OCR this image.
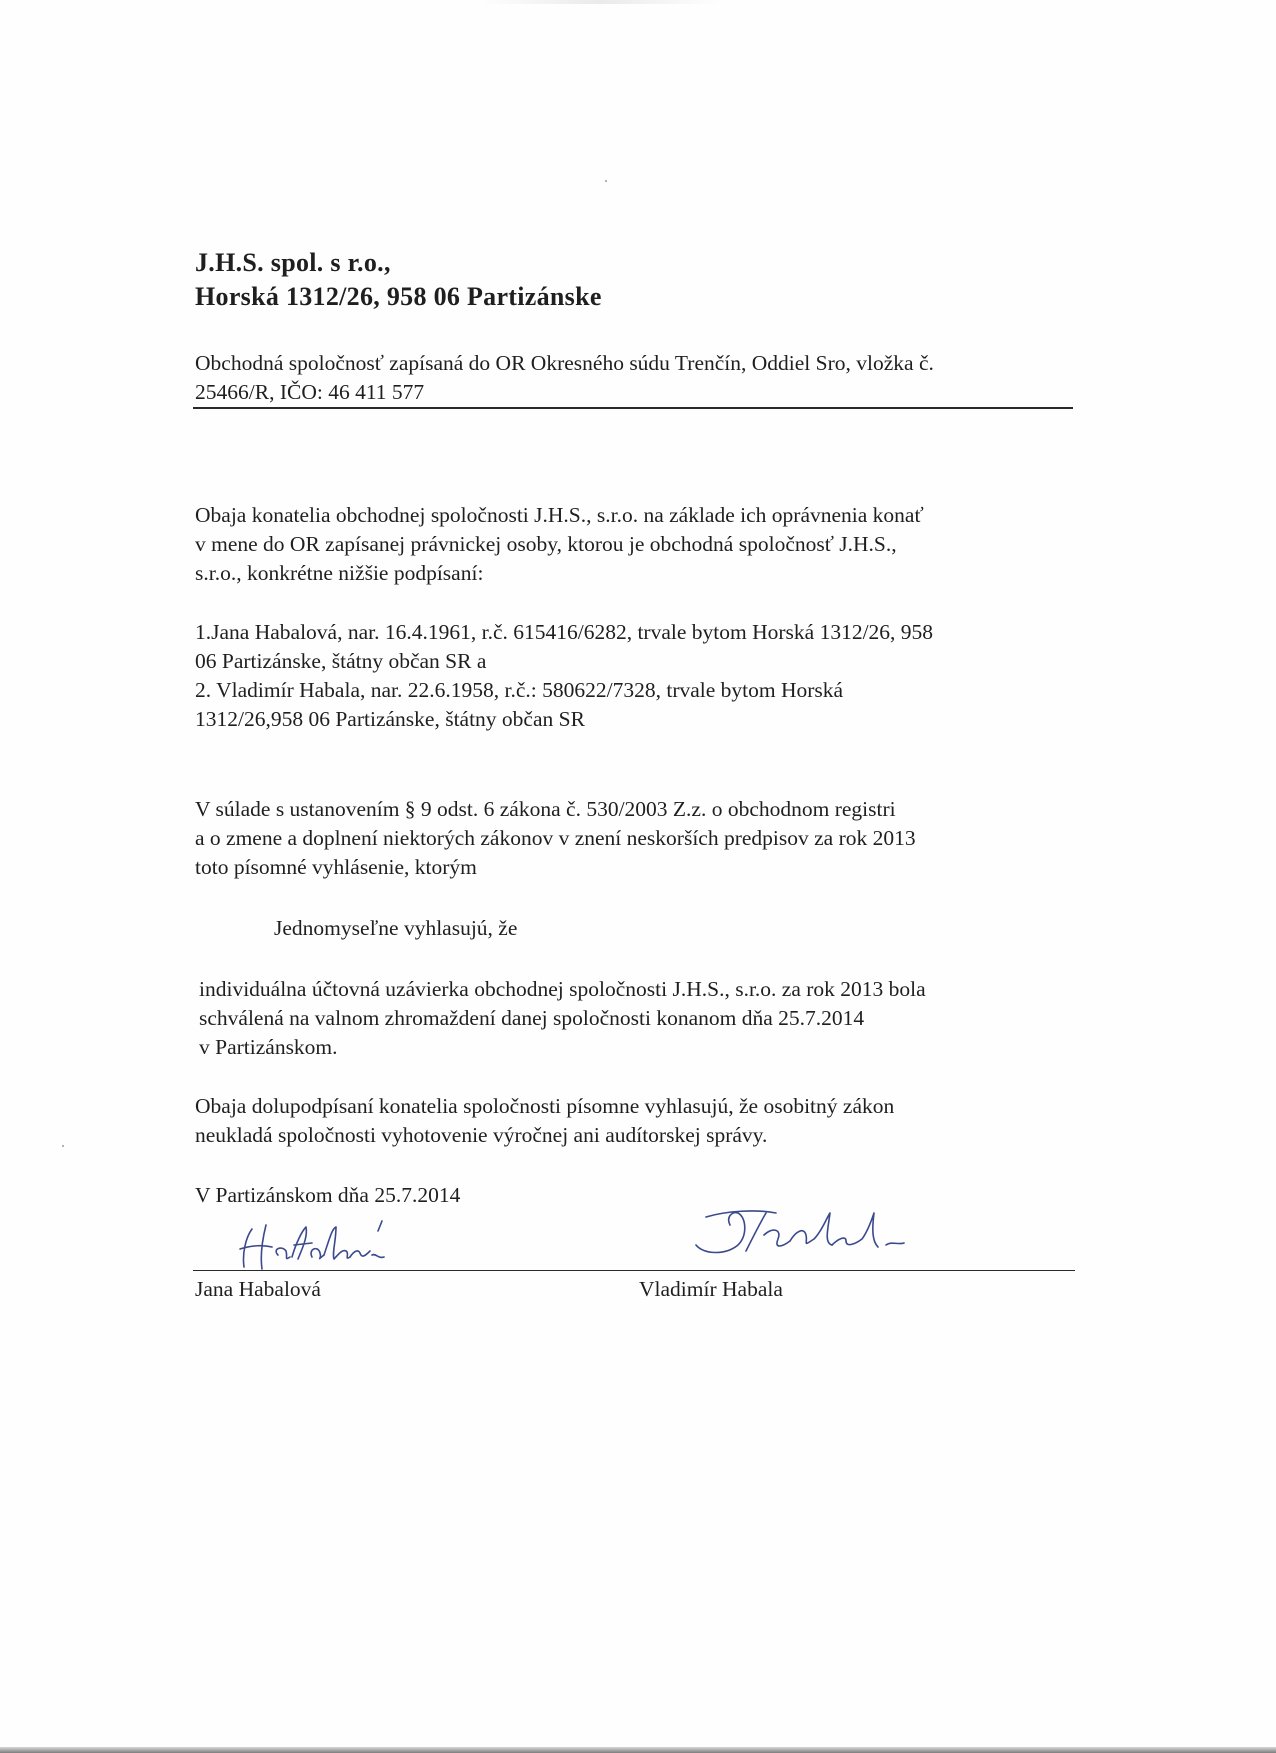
J.H.S. spol. s r.o.,

Horská 1312/26, 958 06 Partizánske

Obchodná spoločnosť zapísaná do OR Okresného súdu Trenčín, Oddiel Sro, vložka č.
25466/R, IČO: 46 411 577
Obaja konatelia obchodnej spoločnosti J.H.S., s.r.o. na základe ich oprávnenia konať
v mene do OR zapísanej právnickej osoby, ktorou je obchodná spoločnosť J.H.S.,
s.r.o., konkrétne nižšie podpísaní:
1.Jana Habalová, nar. 16.4.1961, r.č. 615416/6282, trvale bytom Horská 1312/26, 958
06 Partizánske, štátny občan SR a
2. Vladimír Habala, nar. 22.6.1958, r.č.: 580622/7328, trvale bytom Horská
1312/26,958 06 Partizánske, štátny občan SR
V súlade s ustanovením § 9 odst. 6 zákona č. 530/2003 Z.z. o obchodnom registri
a o zmene a doplnení niektorých zákonov v znení neskorších predpisov za rok 2013
toto písomné vyhlásenie, ktorým
Jednomyseľne vyhlasujú, že
individuálna účtovná uzávierka obchodnej spoločnosti J.H.S., s.r.o. za rok 2013 bola
schválená na valnom zhromaždení danej spoločnosti konanom dňa 25.7.2014
v Partizánskom.
Obaja dolupodpísaní konatelia spoločnosti písomne vyhlasujú, že osobitný zákon
neukladá spoločnosti vyhotovenie výročnej ani audítorskej správy.
V Partizánskom dňa 25.7.2014
Jana Habalová	Vladimír Habala
